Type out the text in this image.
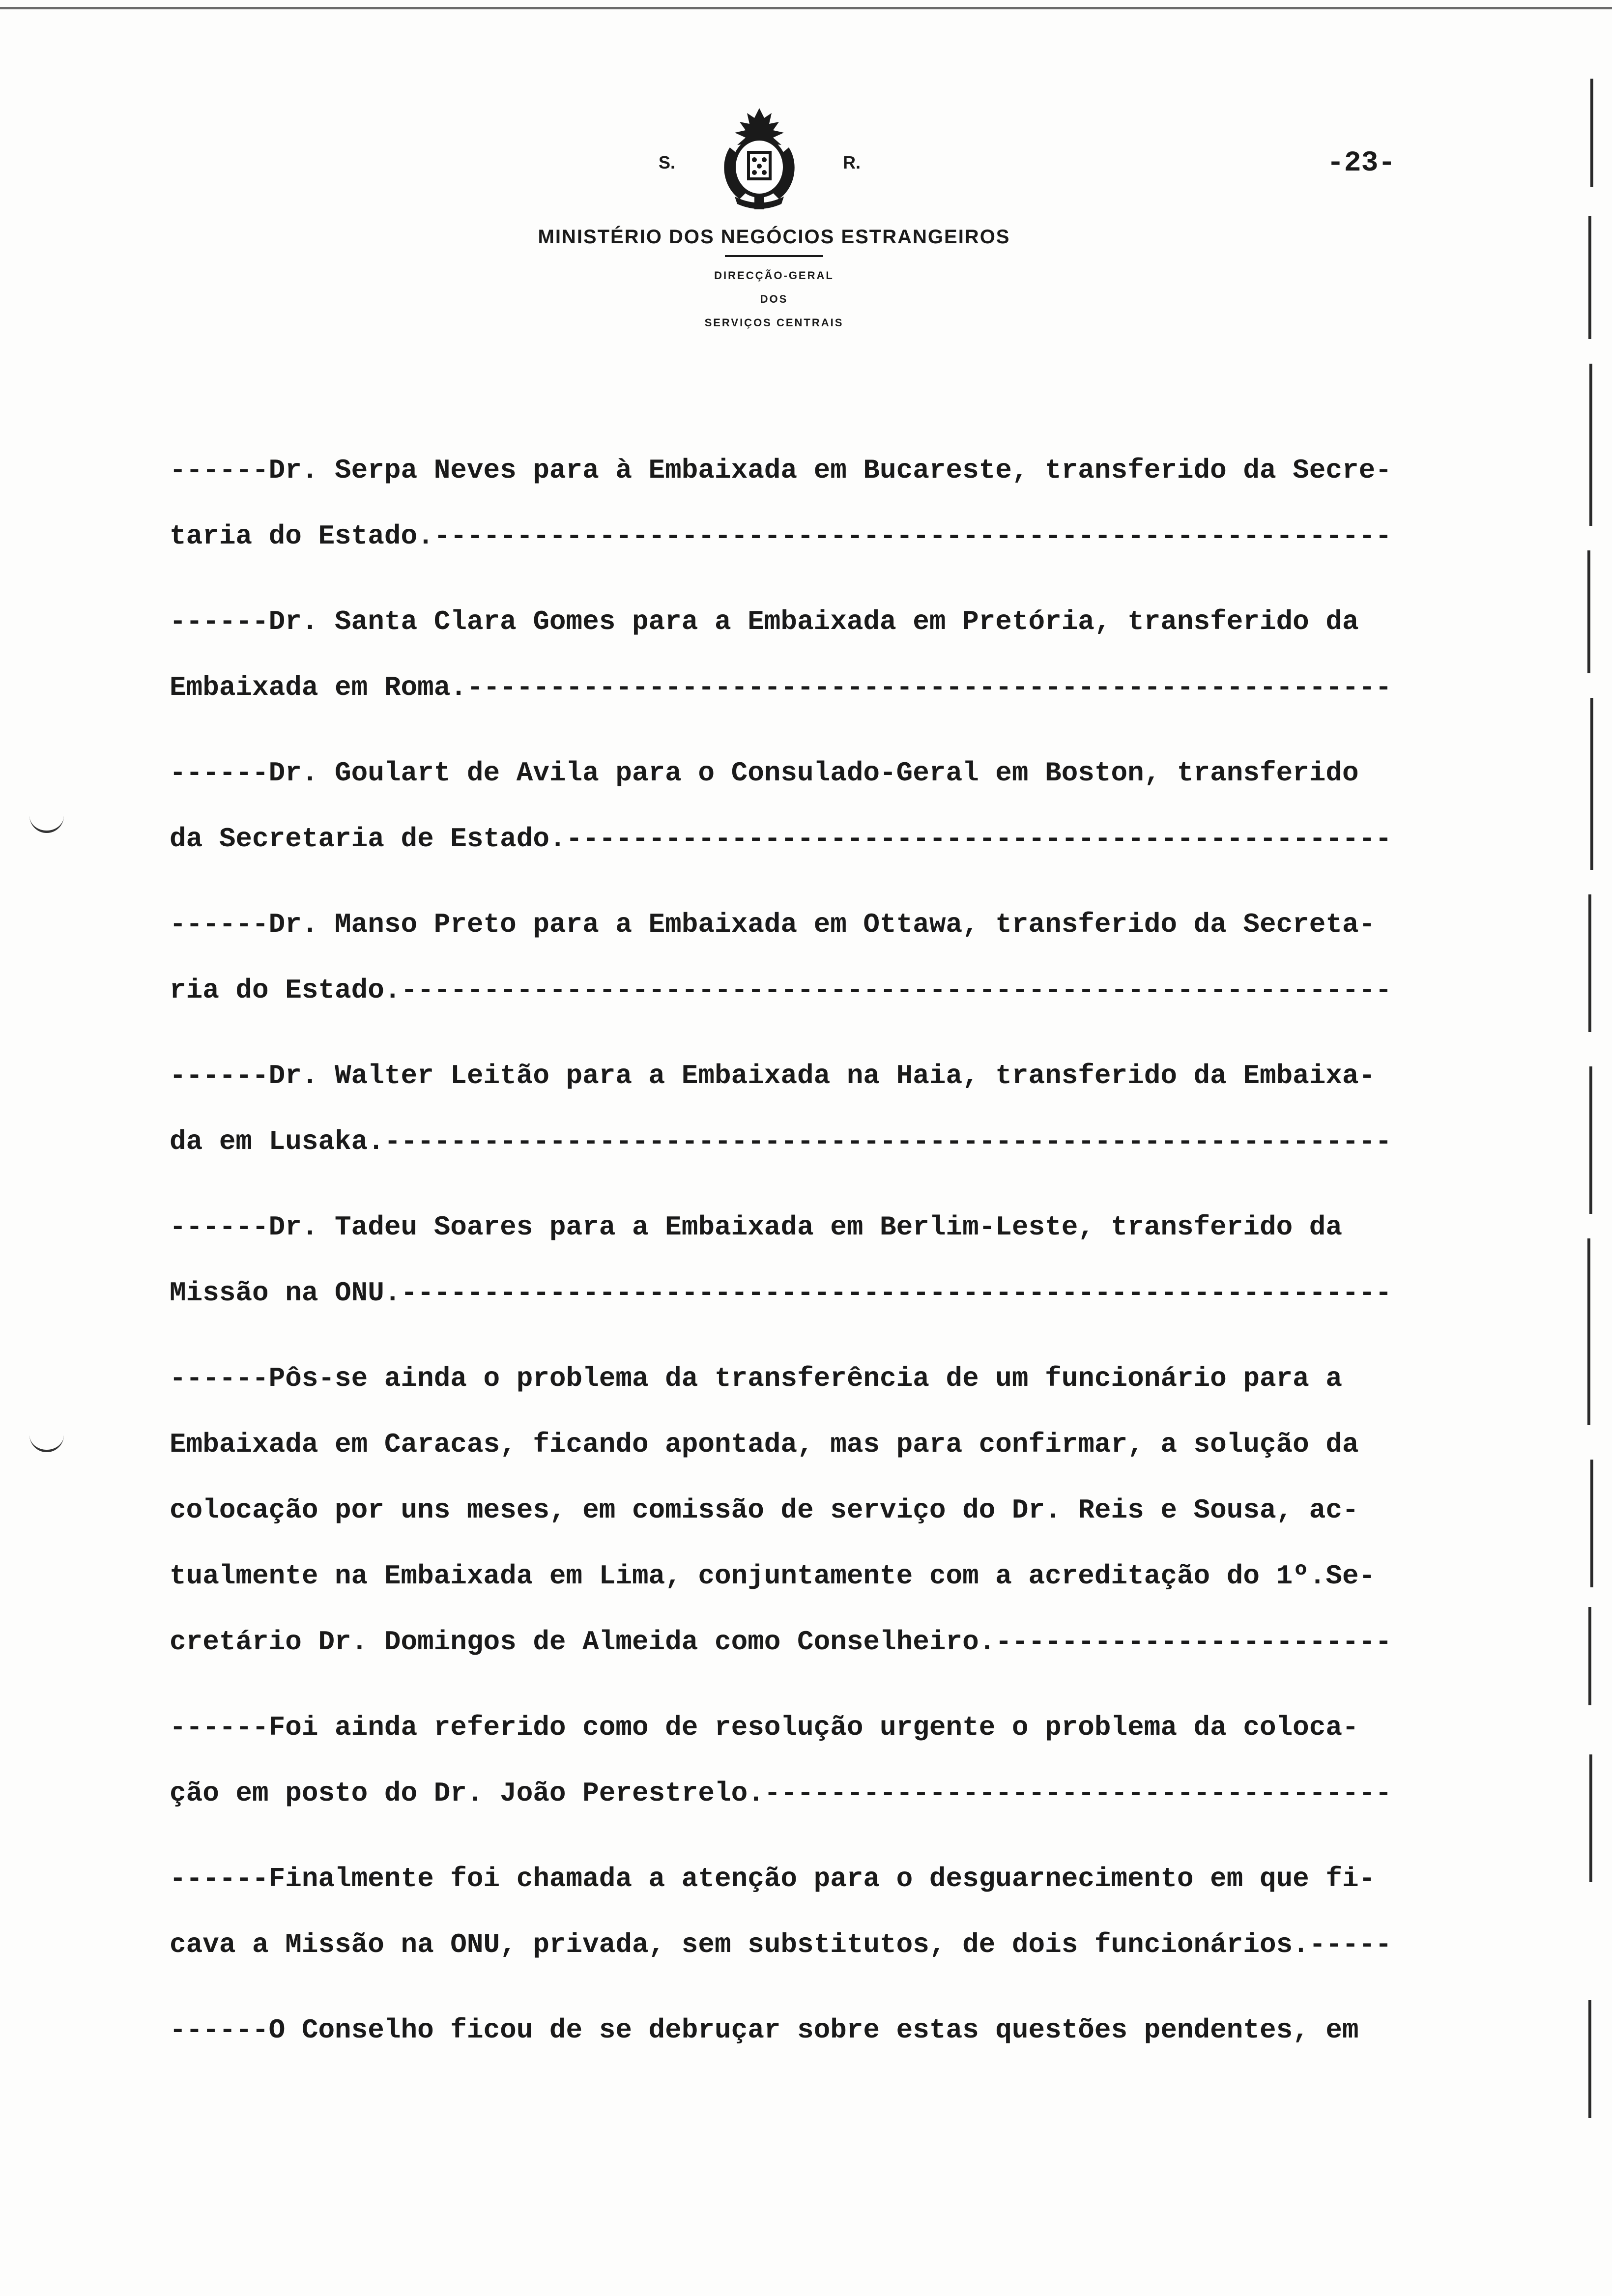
S.	R.
MINISTÉRIO DOS NEGÓCIOS ESTRANGEIROS
DIRECÇÃO-GERAL
DOS
SERVIÇOS CENTRAIS
-23-
------Dr. Serpa Neves para à Embaixada em Bucareste, transferido da Secre-
taria do Estado.----------------------------------------------------------
------Dr. Santa Clara Gomes para a Embaixada em Pretória, transferido da
Embaixada em Roma.--------------------------------------------------------
------Dr. Goulart de Avila para o Consulado-Geral em Boston, transferido
da Secretaria de Estado.--------------------------------------------------
------Dr. Manso Preto para a Embaixada em Ottawa, transferido da Secreta-
ria do Estado.------------------------------------------------------------
------Dr. Walter Leitão para a Embaixada na Haia, transferido da Embaixa-
da em Lusaka.-------------------------------------------------------------
------Dr. Tadeu Soares para a Embaixada em Berlim-Leste, transferido da
Missão na ONU.------------------------------------------------------------
------Pôs-se ainda o problema da transferência de um funcionário para a
Embaixada em Caracas, ficando apontada, mas para confirmar, a solução da
colocação por uns meses, em comissão de serviço do Dr. Reis e Sousa, ac-
tualmente na Embaixada em Lima, conjuntamente com a acreditação do 1º.Se-
cretário Dr. Domingos de Almeida como Conselheiro.------------------------
------Foi ainda referido como de resolução urgente o problema da coloca-
ção em posto do Dr. João Perestrelo.--------------------------------------
------Finalmente foi chamada a atenção para o desguarnecimento em que fi-
cava a Missão na ONU, privada, sem substitutos, de dois funcionários.-----
------O Conselho ficou de se debruçar sobre estas questões pendentes, em
